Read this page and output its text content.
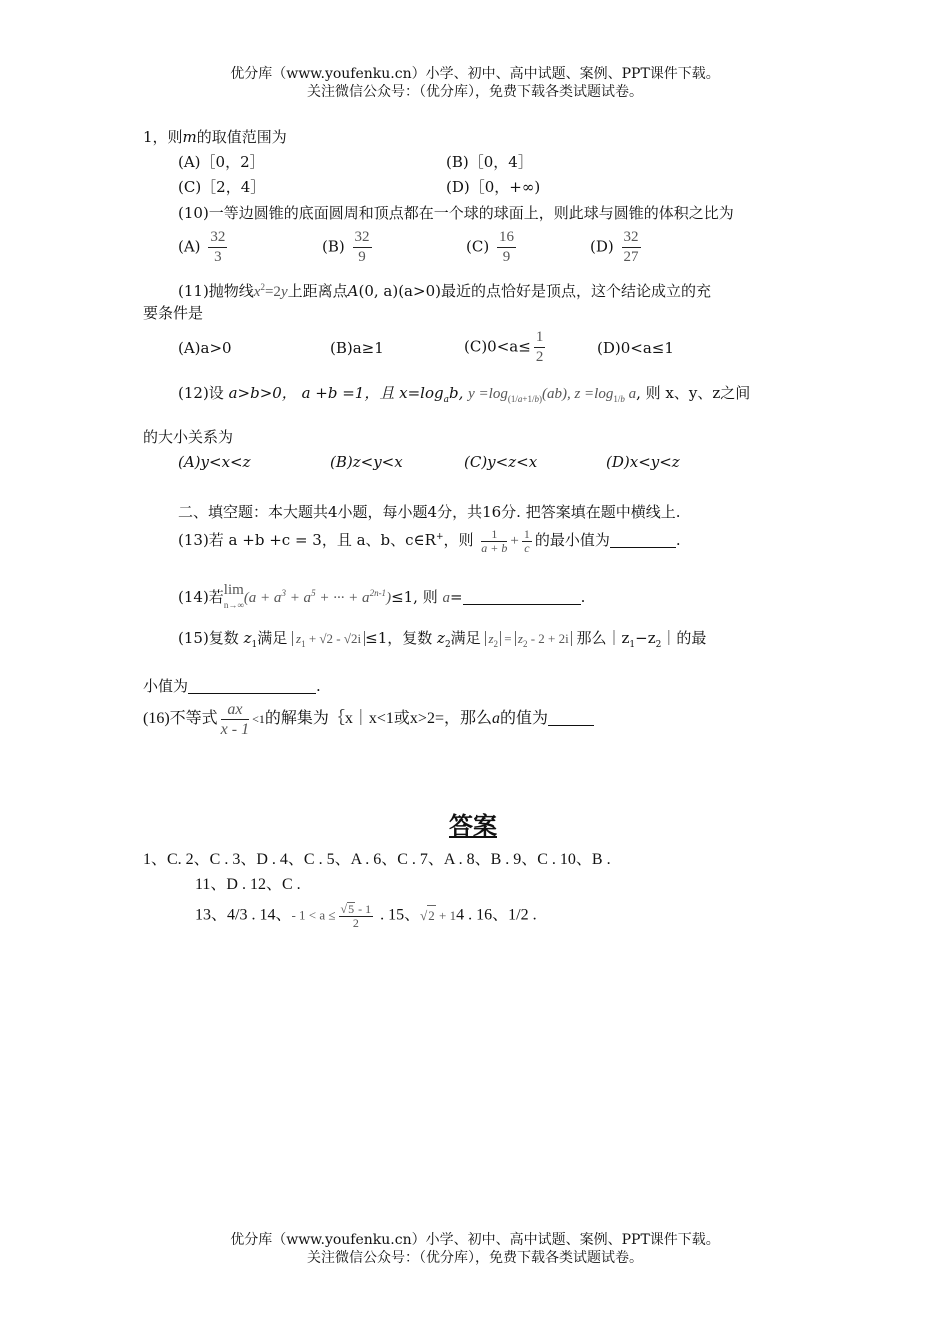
优分库（www.youfenku.cn）小学、初中、高中试题、案例、PPT课件下载。
关注微信公众号：（优分库），免费下载各类试题试卷。
1，则m的取值范围为
(A)［0，2］	(B)［0，4］
(C)［2，4］	(D)［0，+∞)
(10)一等边圆锥的底面圆周和顶点都在一个球的球面上，则此球与圆锥的体积之比为
$(A) \frac{32}{3}$	$(B) \frac{32}{9}$	$(C) \frac{16}{9}$	$(D) \frac{32}{27}$
(11)抛物线$x^2=2y$上距离点A(0, a)(a>0)最近的点恰好是顶点，这个结论成立的充
要条件是
(A)a>0	(B)a≥1	$(C)0<a\le \frac{1}{2}$	(D)0<a≤1
(12)设 a>b>0， a +b =1，且 $x=\log_ab$, $y =\log_{(1/a+1/b)}(ab)$, $z =\log_{1/b}$ a, 则 x、y、z之间
的大小关系为
(A)y<x<z	(B)z<y<x	(C)y<z<x	(D)x<y<z
二、填空题：本大题共4小题，每小题4分，共16分. 把答案填在题中横线上.
(13)若 a +b +c = 3，且 a、b、c∈R+，则 $\frac{1}{a + b} + \frac{1}{c}$ 的最小值为	.
(14)若lim
$n\to\infty(a + a^3 + a^5$ + ··· + $a^{2n-1})\le 1$, 则 a=	.
(15)复数 $z_1$满足 $z_1 + √2 - √2i \le 1$，复数 $z_2$满足 $z_2 = z_2 - 2 + 2i$ 那么$|z_1-z_2|$的最
小值为	.
(16)不等式 $\frac{ax}{x - 1} <1$的解集为｛x｜x<1或x>2=，那么a的值为
答案
1、C. 2、C . 3、D . 4、C . 5、A . 6、C . 7、A . 8、B . 9、C . 10、B .
11、D . 12、C .
13、4/3 . 14、- $1 < a \le \frac{√5 - 1}{2}$ . 15、√2 + 14 . 16、1/2 .
优分库（www.youfenku.cn）小学、初中、高中试题、案例、PPT课件下载。
关注微信公众号：（优分库），免费下载各类试题试卷。
